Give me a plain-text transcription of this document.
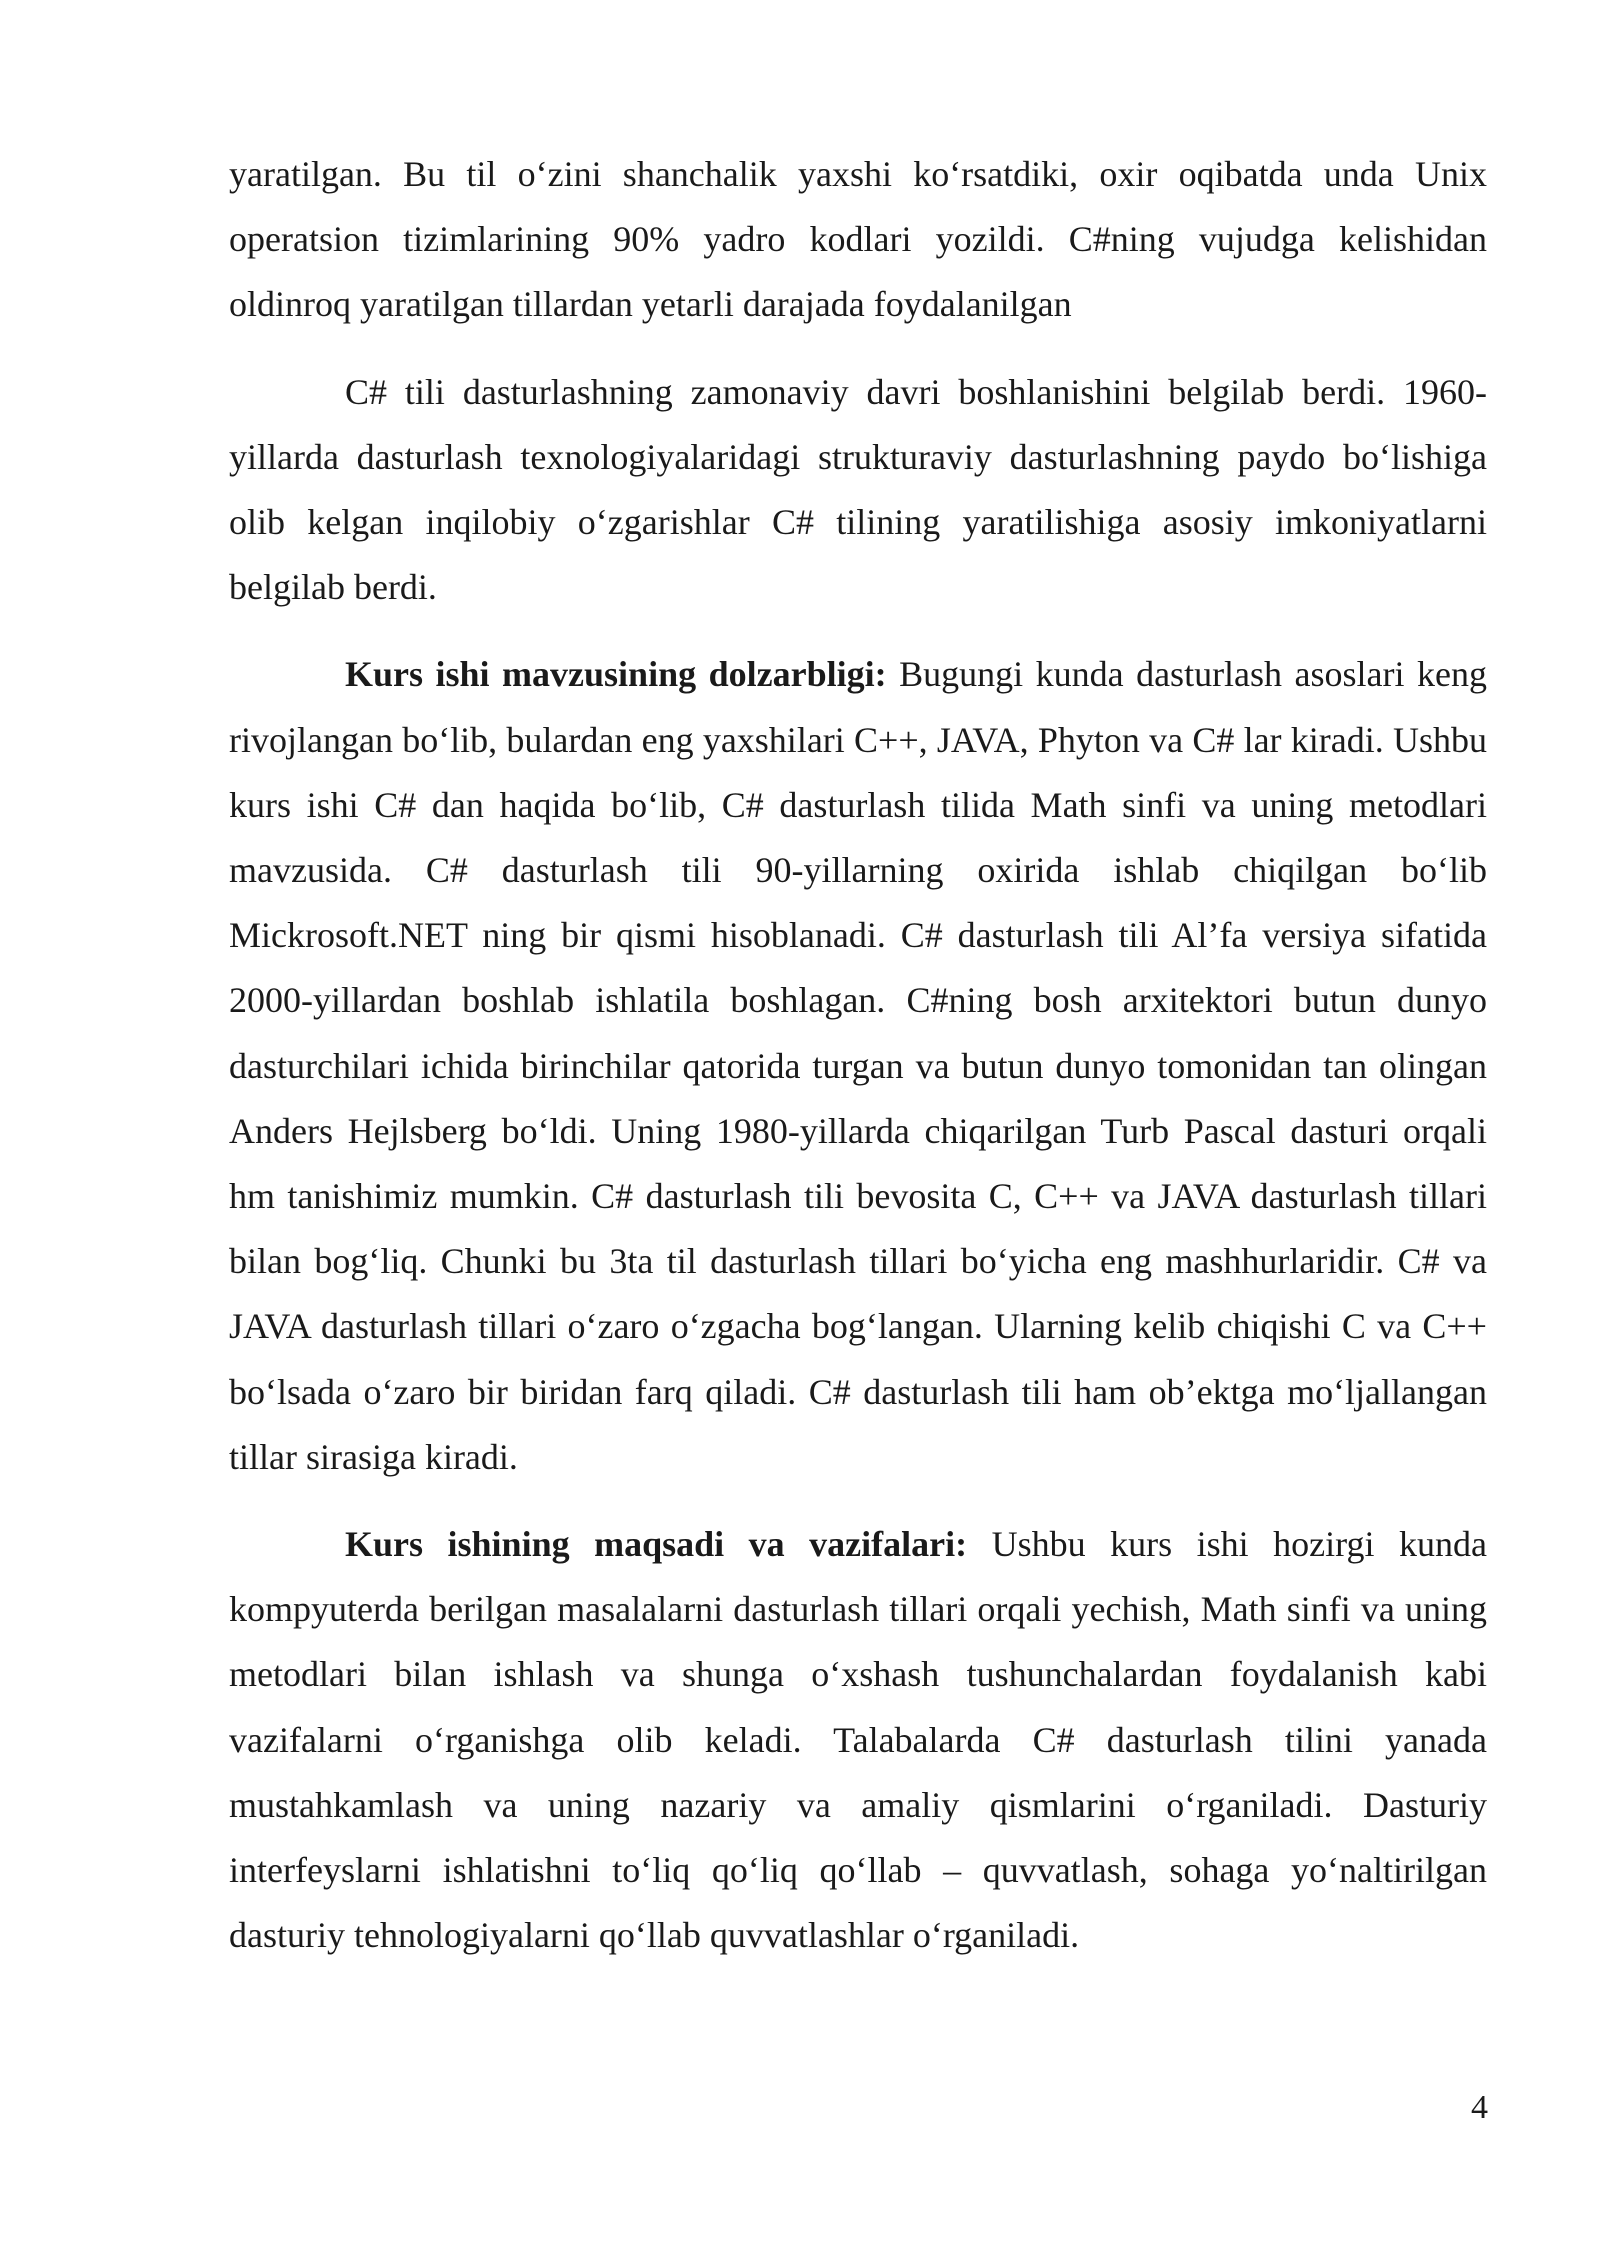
yaratilgan. Bu til o‘zini shanchalik yaxshi ko‘rsatdiki, oxir oqibatda unda Unix operatsion tizimlarining 90% yadro kodlari yozildi. C#ning vujudga kelishidan oldinroq yaratilgan tillardan yetarli darajada foydalanilgan

C# tili dasturlashning zamonaviy davri boshlanishini belgilab berdi. 1960-yillarda dasturlash texnologiyalaridagi strukturaviy dasturlashning paydo bo‘lishiga olib kelgan inqilobiy o‘zgarishlar C# tilining yaratilishiga asosiy imkoniyatlarni belgilab berdi.

Kurs ishi mavzusining dolzarbligi: Bugungi kunda dasturlash asoslari keng rivojlangan bo‘lib, bulardan eng yaxshilari C++, JAVA, Phyton va C# lar kiradi. Ushbu kurs ishi C# dan haqida bo‘lib, C# dasturlash tilida Math sinfi va uning metodlari mavzusida. C# dasturlash tili 90-yillarning oxirida ishlab chiqilgan bo‘lib Mickrosoft.NET ning bir qismi hisoblanadi. C# dasturlash tili Al’fa versiya sifatida 2000-yillardan boshlab ishlatila boshlagan. C#ning bosh arxitektori butun dunyo dasturchilari ichida birinchilar qatorida turgan va butun dunyo tomonidan tan olingan Anders Hejlsberg bo‘ldi. Uning 1980-yillarda chiqarilgan Turb Pascal dasturi orqali hm tanishimiz mumkin. C# dasturlash tili bevosita C, C++ va JAVA dasturlash tillari bilan bog‘liq. Chunki bu 3ta til dasturlash tillari bo‘yicha eng mashhurlaridir. C# va JAVA dasturlash tillari o‘zaro o‘zgacha bog‘langan. Ularning kelib chiqishi C va C++ bo‘lsada o‘zaro bir biridan farq qiladi. C# dasturlash tili ham ob’ektga mo‘ljallangan tillar sirasiga kiradi.

Kurs ishining maqsadi va vazifalari: Ushbu kurs ishi hozirgi kunda kompyuterda berilgan masalalarni dasturlash tillari orqali yechish, Math sinfi va uning metodlari bilan ishlash va shunga o‘xshash tushunchalardan foydalanish kabi vazifalarni o‘rganishga olib keladi. Talabalarda C# dasturlash tilini yanada mustahkamlash va uning nazariy va amaliy qismlarini o‘rganiladi. Dasturiy interfeyslarni ishlatishni to‘liq qo‘liq qo‘llab – quvvatlash, sohaga yo‘naltirilgan dasturiy tehnologiyalarni qo‘llab quvvatlashlar o‘rganiladi.

4
